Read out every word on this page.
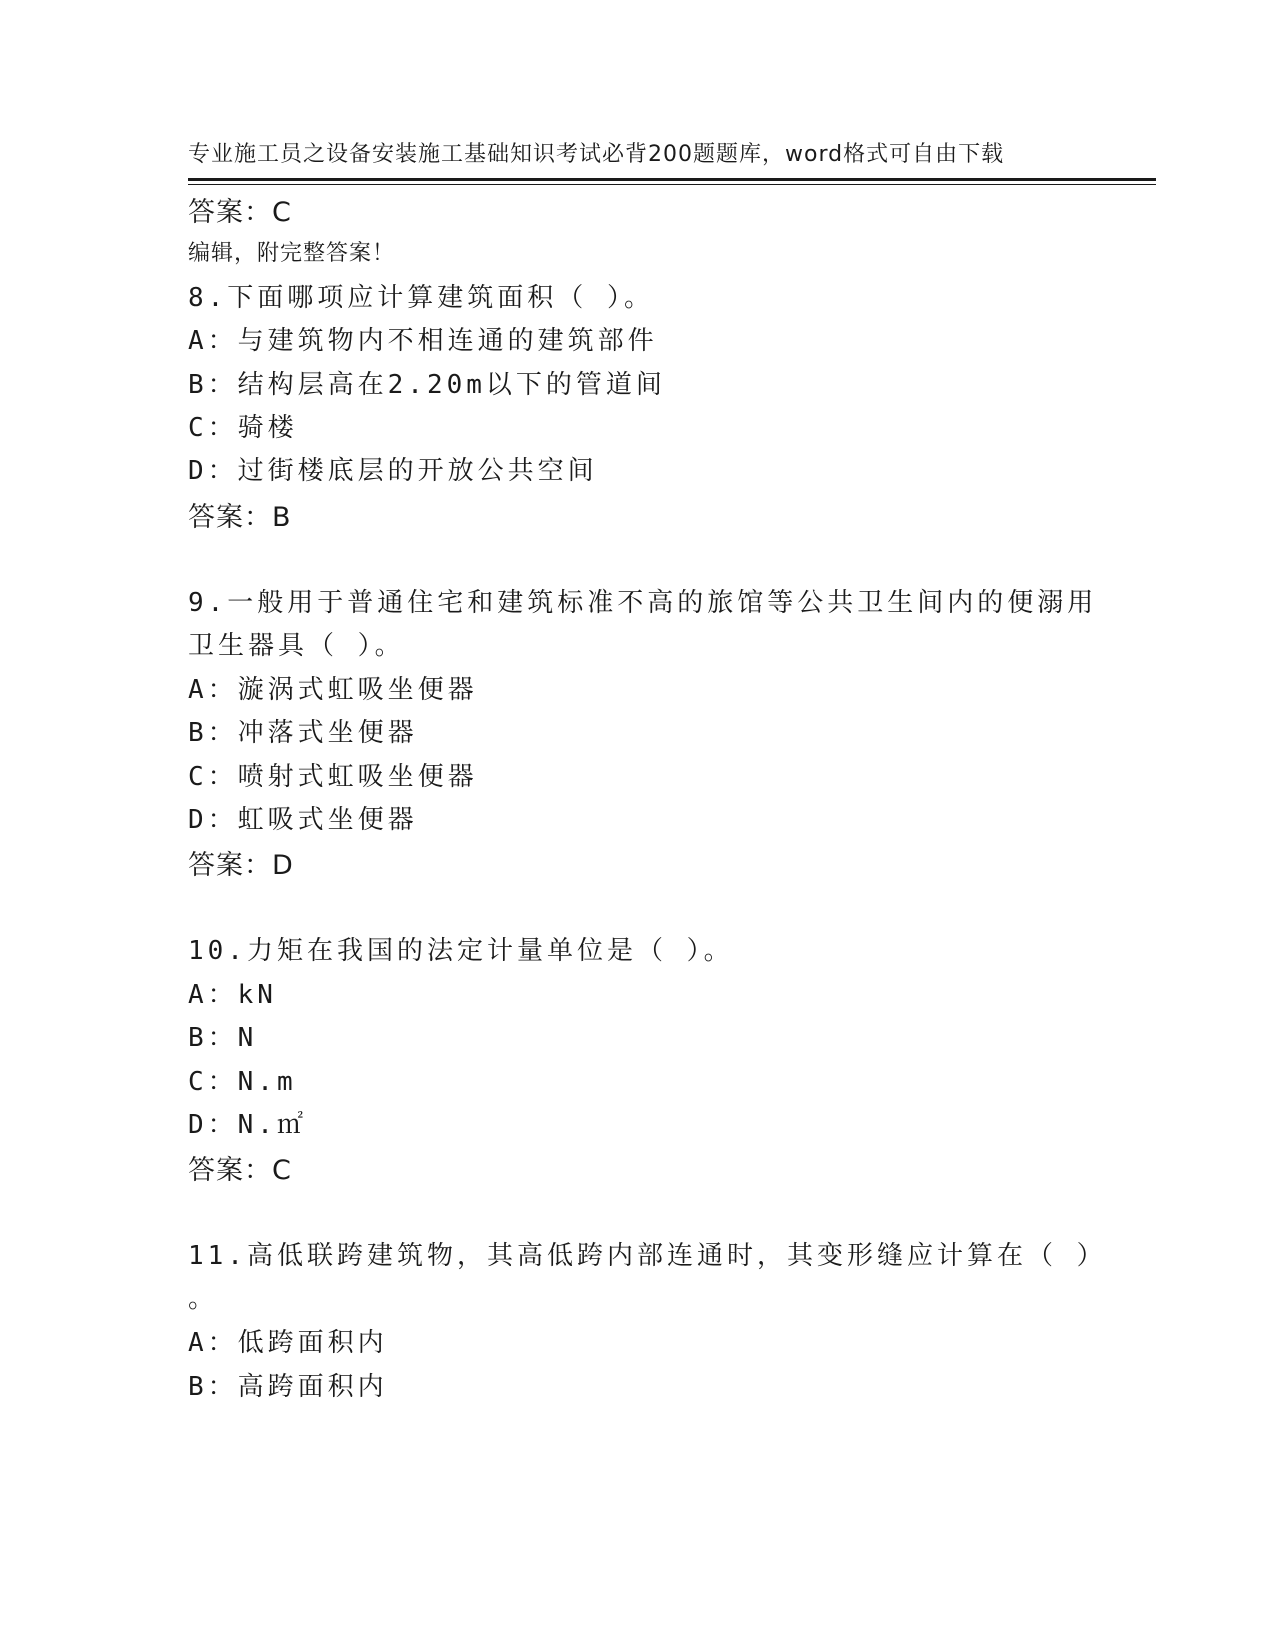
专业施工员之设备安装施工基础知识考试必背200题题库，word格式可自由下载

编辑，附完整答案！

答案：C
8.下面哪项应计算建筑面积（ ）。
A：与建筑物内不相连通的建筑部件
B：结构层高在2.20m以下的管道间
C：骑楼
D：过街楼底层的开放公共空间
答案：B
9.一般用于普通住宅和建筑标准不高的旅馆等公共卫生间内的便溺用
卫生器具（ ）。
A：漩涡式虹吸坐便器
B：冲落式坐便器
C：喷射式虹吸坐便器
D：虹吸式坐便器
答案：D
10.力矩在我国的法定计量单位是（ ）。
A：kN
B：N
C：N.m
D：N.㎡
答案：C
11.高低联跨建筑物，其高低跨内部连通时，其变形缝应计算在（ ）
。
A：低跨面积内
B：高跨面积内
